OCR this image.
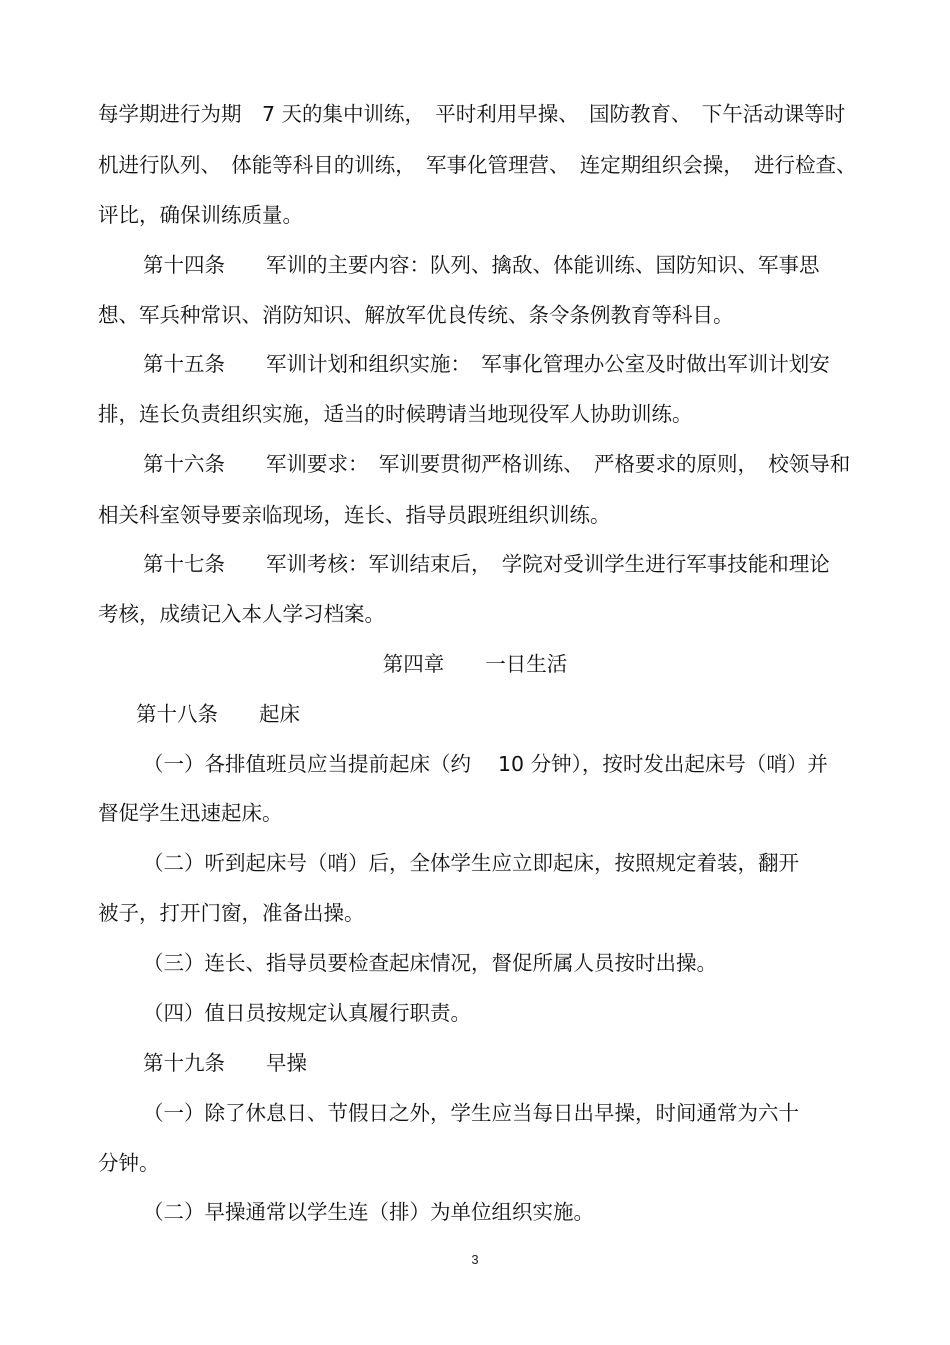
每学期进行为期　7 天的集中训练，　平时利用早操、　国防教育、　下午活动课等时

机进行队列、　体能等科目的训练，　军事化管理营、　连定期组织会操，　进行检查、

评比，确保训练质量。

第十四条　　军训的主要内容：队列、擒敌、体能训练、国防知识、军事思

想、军兵种常识、消防知识、解放军优良传统、条令条例教育等科目。

第十五条　　军训计划和组织实施：　军事化管理办公室及时做出军训计划安

排，连长负责组织实施，适当的时候聘请当地现役军人协助训练。

第十六条　　军训要求：　军训要贯彻严格训练、　严格要求的原则，　校领导和

相关科室领导要亲临现场，连长、指导员跟班组织训练。

第十七条　　军训考核：军训结束后，　学院对受训学生进行军事技能和理论

考核，成绩记入本人学习档案。

第四章　　一日生活

第十八条　　起床

（一）各排值班员应当提前起床（约　 10 分钟），按时发出起床号（哨）并

督促学生迅速起床。

（二）听到起床号（哨）后，全体学生应立即起床，按照规定着装，翻开

被子，打开门窗，准备出操。

（三）连长、指导员要检查起床情况，督促所属人员按时出操。

（四）值日员按规定认真履行职责。

第十九条　　早操

（一）除了休息日、节假日之外，学生应当每日出早操，时间通常为六十

分钟。

（二）早操通常以学生连（排）为单位组织实施。

3
